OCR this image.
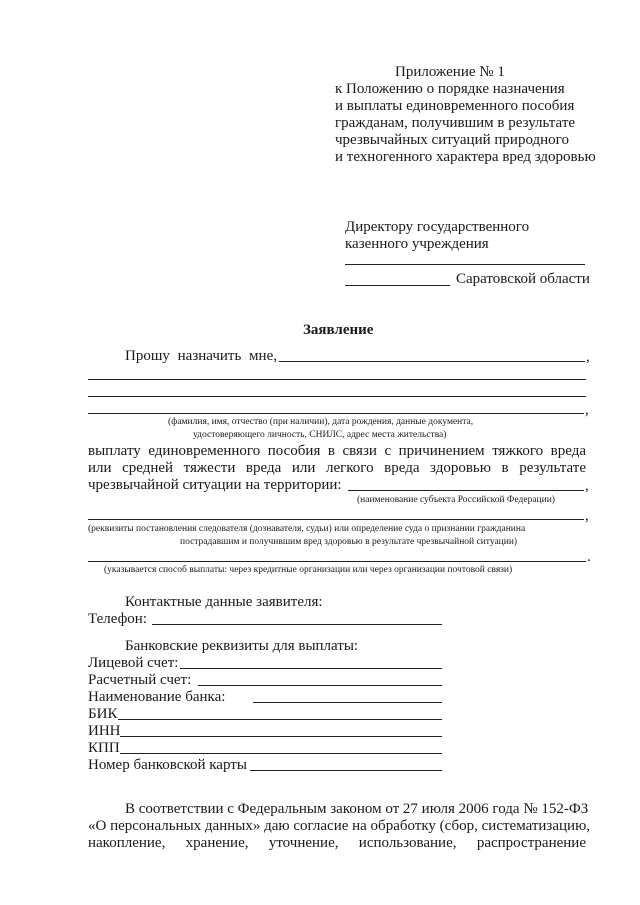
Приложение № 1
к Положению о порядке назначения
и выплаты единовременного пособия
гражданам, получившим в результате
чрезвычайных ситуаций природного
и техногенного характера вред здоровью
Директору государственного
казенного учреждения
Саратовской области
Заявление
Прошу назначить мне,	,
,
(фамилия, имя, отчество (при наличии), дата рождения, данные документа,
удостоверяющего личность, СНИЛС, адрес места жительства)
выплату единовременного пособия в связи с причинением тяжкого вреда
или средней тяжести вреда или легкого вреда здоровью в результате
чрезвычайной ситуации на территории:	,
(наименование субъекта Российской Федерации)
,
(реквизиты постановления следователя (дознавателя, судьи) или определение суда о признании гражданина
пострадавшим и получившим вред здоровью в результате чрезвычайной ситуации)
.
(указывается способ выплаты: через кредитные организации или через организации почтовой связи)
Контактные данные заявителя:
Телефон:
Банковские реквизиты для выплаты:
Лицевой счет:
Расчетный счет:
Наименование банка:
БИК
ИНН
КПП
Номер банковской карты
В соответствии с Федеральным законом от 27 июля 2006 года № 152-ФЗ
«О персональных данных» даю согласие на обработку (сбор, систематизацию,
накопление, хранение, уточнение, использование, распространение
